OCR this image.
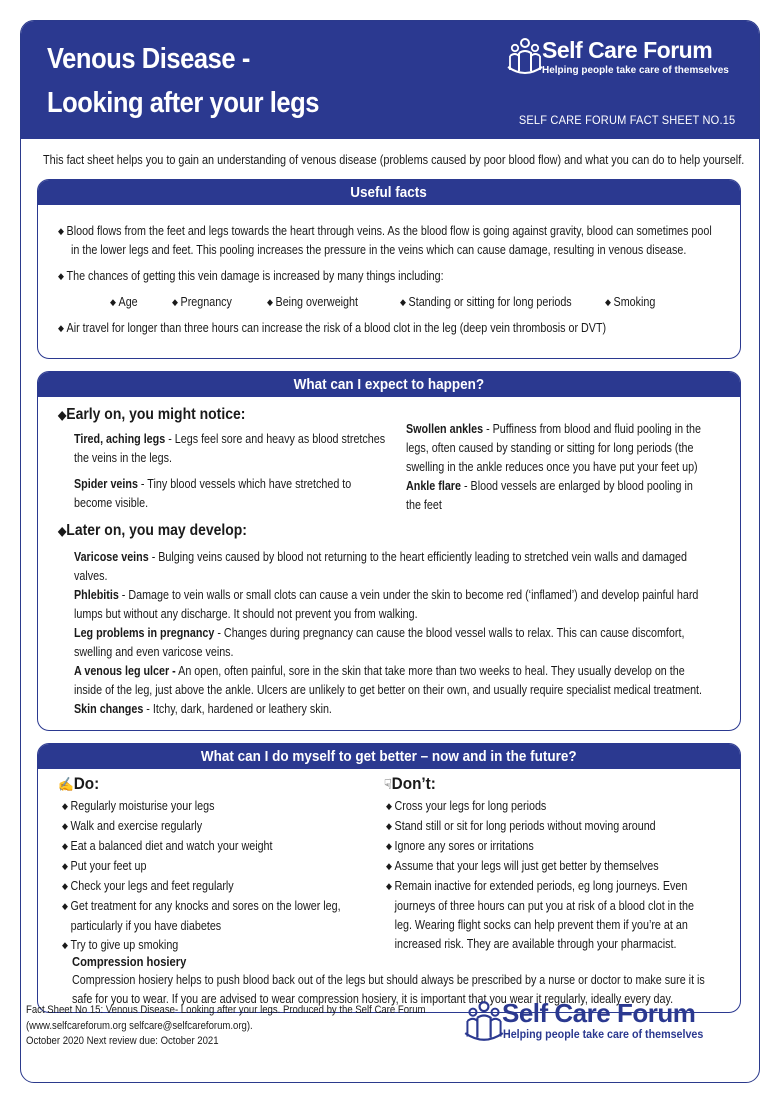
Venous Disease -
Looking after your legs
Self Care Forum
Helping people take care of themselves
SELF CARE FORUM FACT SHEET NO.15
This fact sheet helps you to gain an understanding of venous disease (problems caused by poor blood flow) and what you can do to help yourself.
Useful facts
◆ Blood flows from the feet and legs towards the heart through veins. As the blood flow is going against gravity, blood can sometimes pool
in the lower legs and feet. This pooling increases the pressure in the veins which can cause damage, resulting in venous disease.
◆ The chances of getting this vein damage is increased by many things including:
◆ Age	◆ Pregnancy	◆ Being overweight	◆ Standing or sitting for long periods	◆ Smoking
◆ Air travel for longer than three hours can increase the risk of a blood clot in the leg (deep vein thrombosis or DVT)
What can I expect to happen?
◆Early on, you might notice:
Tired, aching legs - Legs feel sore and heavy as blood stretches
the veins in the legs.
Spider veins - Tiny blood vessels which have stretched to
become visible.
Swollen ankles - Puffiness from blood and fluid pooling in the
legs, often caused by standing or sitting for long periods (the
swelling in the ankle reduces once you have put your feet up)
Ankle flare - Blood vessels are enlarged by blood pooling in
the feet
◆Later on, you may develop:
Varicose veins - Bulging veins caused by blood not returning to the heart efficiently leading to stretched vein walls and damaged
valves.
Phlebitis - Damage to vein walls or small clots can cause a vein under the skin to become red (‘inflamed’) and develop painful hard
lumps but without any discharge. It should not prevent you from walking.
Leg problems in pregnancy - Changes during pregnancy can cause the blood vessel walls to relax. This can cause discomfort,
swelling and even varicose veins.
A venous leg ulcer - An open, often painful, sore in the skin that take more than two weeks to heal. They usually develop on the
inside of the leg, just above the ankle. Ulcers are unlikely to get better on their own, and usually require specialist medical treatment.
Skin changes - Itchy, dark, hardened or leathery skin.
What can I do myself to get better – now and in the future?
✍Do:
◆ Regularly moisturise your legs
◆ Walk and exercise regularly
◆ Eat a balanced diet and watch your weight
◆ Put your feet up
◆ Check your legs and feet regularly
◆ Get treatment for any knocks and sores on the lower leg,
particularly if you have diabetes
◆ Try to give up smoking
☟Don’t:
◆ Cross your legs for long periods
◆ Stand still or sit for long periods without moving around
◆ Ignore any sores or irritations
◆ Assume that your legs will just get better by themselves
◆ Remain inactive for extended periods, eg long journeys. Even
journeys of three hours can put you at risk of a blood clot in the
leg. Wearing flight socks can help prevent them if you’re at an
increased risk. They are available through your pharmacist.
Compression hosiery
Compression hosiery helps to push blood back out of the legs but should always be prescribed by a nurse or doctor to make sure it is
safe for you to wear. If you are advised to wear compression hosiery, it is important that you wear it regularly, ideally every day.
Fact Sheet No 15: Venous Disease- Looking after your legs. Produced by the Self Care Forum
(www.selfcareforum.org selfcare@selfcareforum.org).
October 2020 Next review due: October 2021
Self Care Forum
Helping people take care of themselves
